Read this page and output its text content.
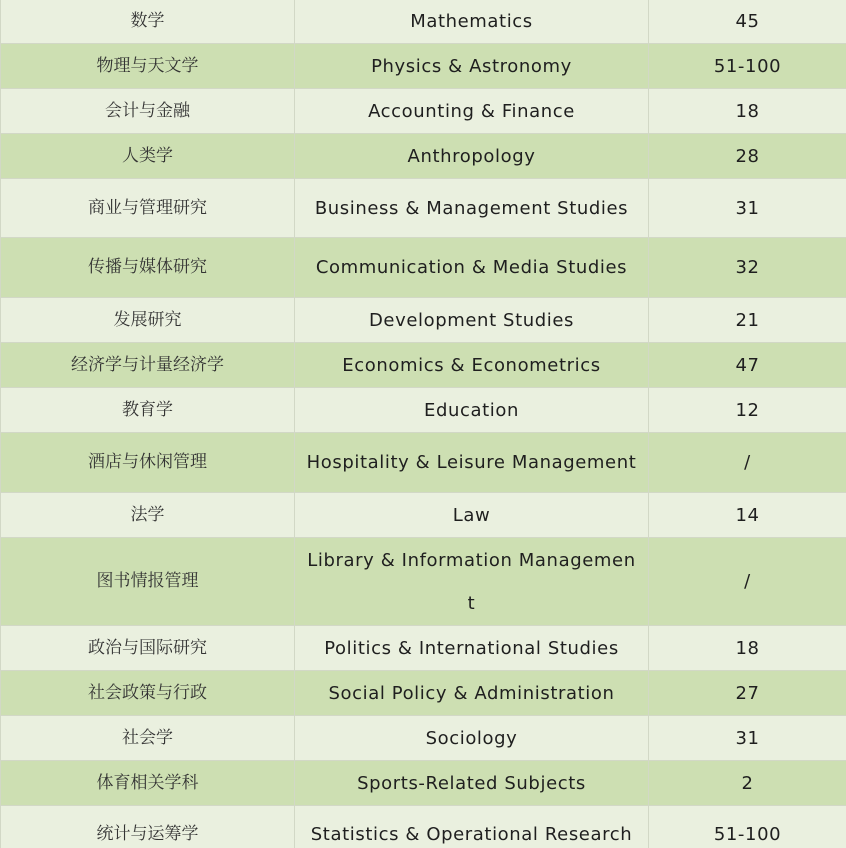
数学	Mathematics	45
物理与天文学	Physics & Astronomy	51-100
会计与金融	Accounting & Finance	18
人类学	Anthropology	28
商业与管理研究	Business & Management Studies	31
传播与媒体研究	Communication & Media Studies	32
发展研究	Development Studies	21
经济学与计量经济学	Economics & Econometrics	47
教育学	Education	12
酒店与休闲管理	Hospitality & Leisure Management	/
法学	Law	14
图书情报管理	Library & Information Management	/
政治与国际研究	Politics & International Studies	18
社会政策与行政	Social Policy & Administration	27
社会学	Sociology	31
体育相关学科	Sports-Related Subjects	2
统计与运筹学	Statistics & Operational Research	51-100
